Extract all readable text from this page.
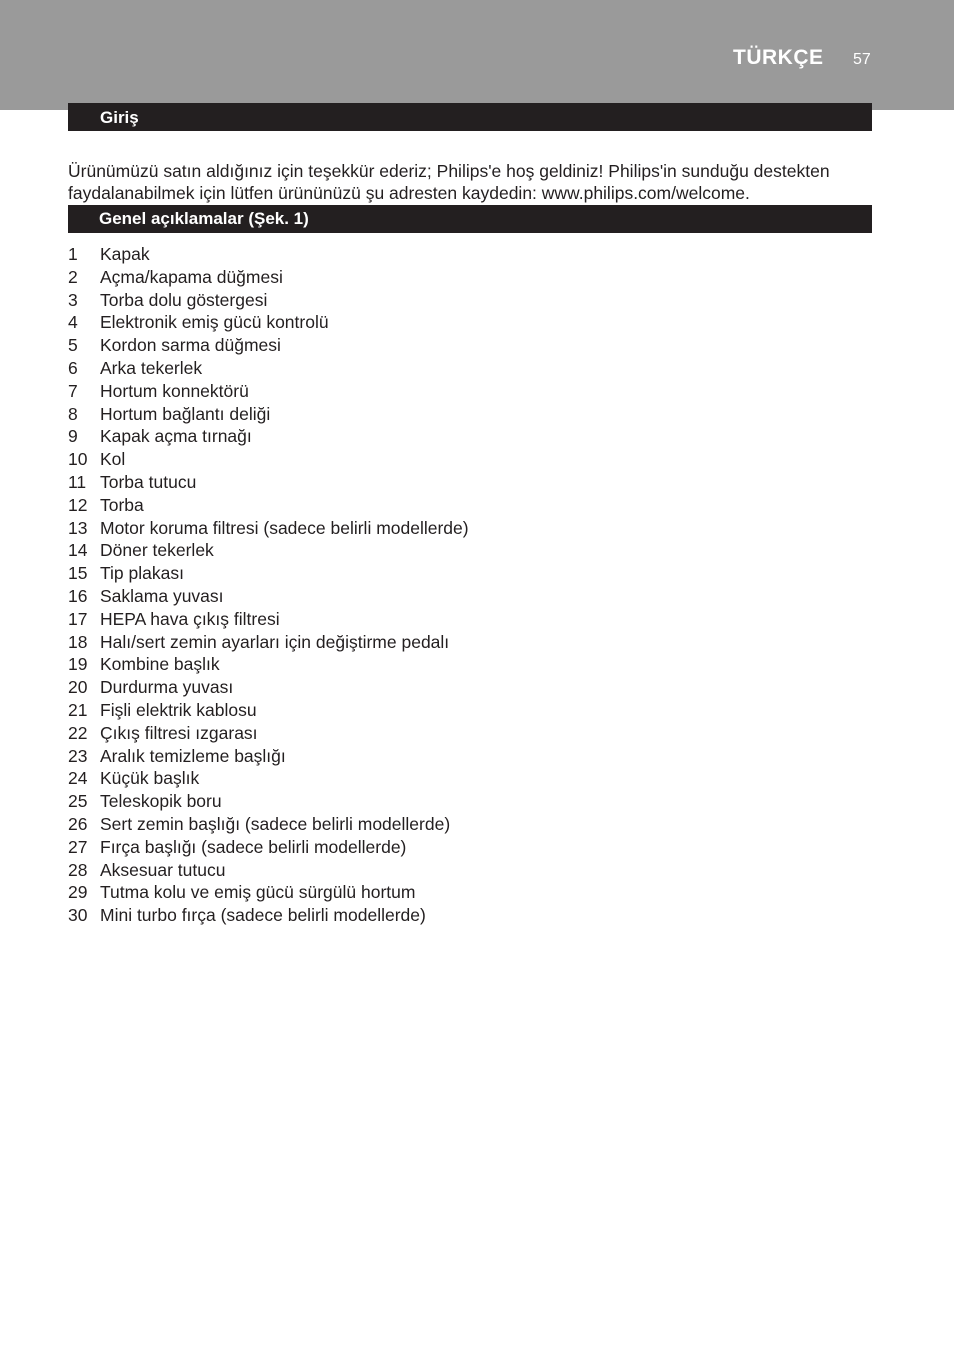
TÜRKÇE 57
Giriş

Ürünümüzü satın aldığınız için teşekkür ederiz; Philips'e hoş geldiniz! Philips'in sunduğu destekten faydalanabilmek için lütfen ürününüzü şu adresten kaydedin: www.philips.com/welcome.

Genel açıklamalar (Şek. 1)
1	Kapak
2	Açma/kapama düğmesi
3	Torba dolu göstergesi
4	Elektronik emiş gücü kontrolü
5	Kordon sarma düğmesi
6	Arka tekerlek
7	Hortum konnektörü
8	Hortum bağlantı deliği
9	Kapak açma tırnağı
10 Kol
11 Torba tutucu
12 Torba
13 Motor koruma filtresi (sadece belirli modellerde)
14 Döner tekerlek
15 Tip plakası
16 Saklama yuvası
17 HEPA hava çıkış filtresi
18 Halı/sert zemin ayarları için değiştirme pedalı
19 Kombine başlık
20 Durdurma yuvası
21 Fişli elektrik kablosu
22 Çıkış filtresi ızgarası
23 Aralık temizleme başlığı
24 Küçük başlık
25 Teleskopik boru
26 Sert zemin başlığı (sadece belirli modellerde)
27 Fırça başlığı (sadece belirli modellerde)
28 Aksesuar tutucu
29 Tutma kolu ve emiş gücü sürgülü hortum
30 Mini turbo fırça (sadece belirli modellerde)
